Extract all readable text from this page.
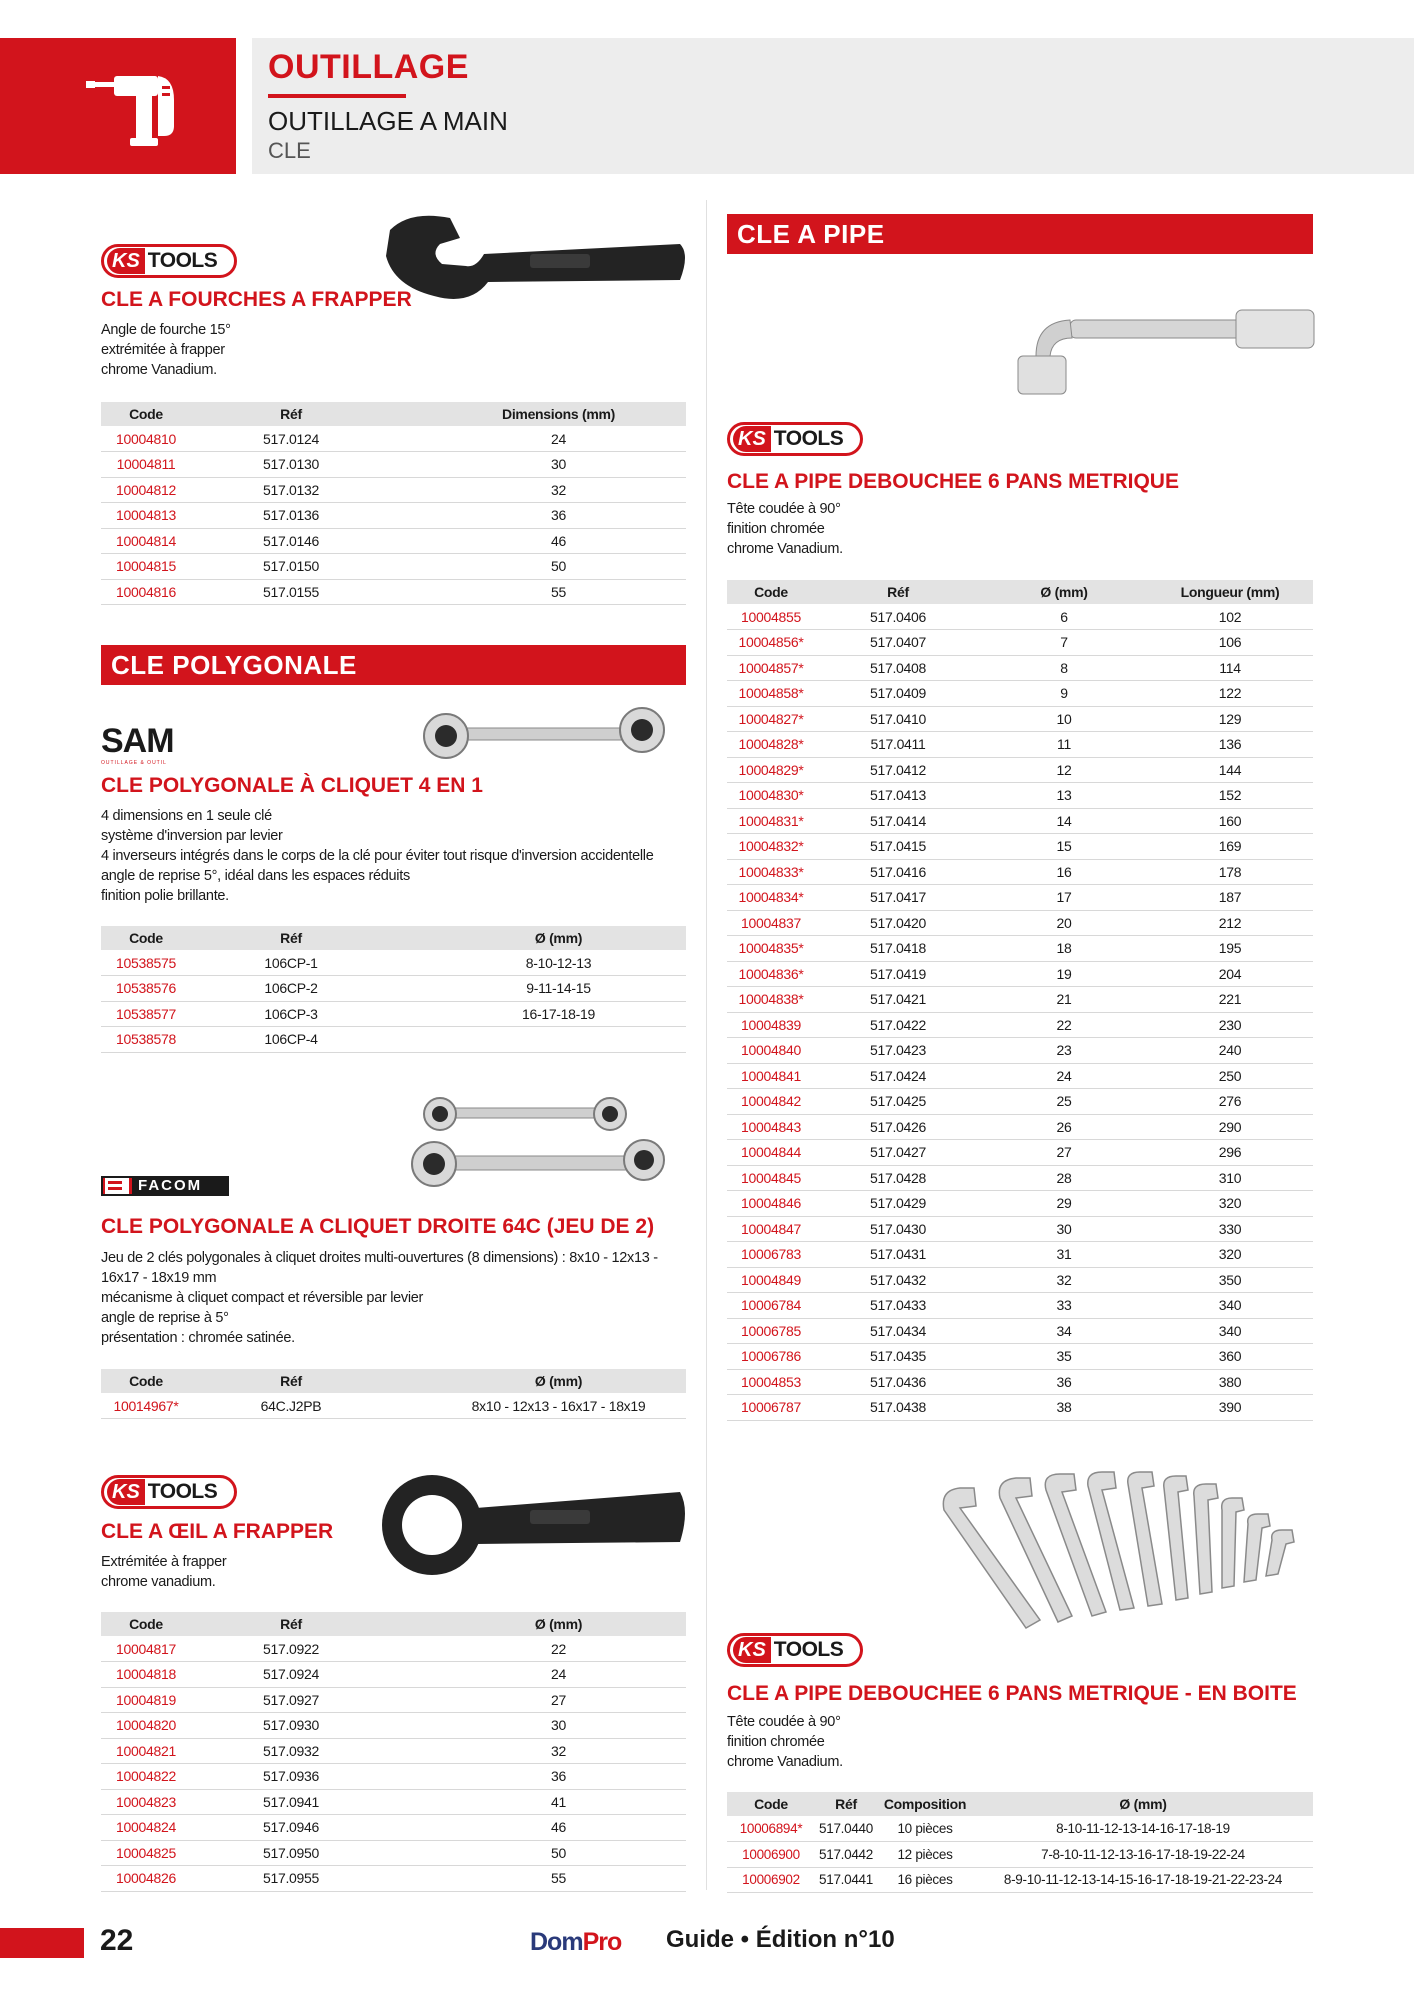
OUTILLAGE
OUTILLAGE A MAIN
CLE
KS TOOLS
CLE A FOURCHES A FRAPPER
Angle de fourche 15°
extrémitée à frapper
chrome Vanadium.
Code	Réf	Dimensions (mm)
10004810	517.0124	24
10004811	517.0130	30
10004812	517.0132	32
10004813	517.0136	36
10004814	517.0146	46
10004815	517.0150	50
10004816	517.0155	55
CLE POLYGONALE
SAM
OUTILLAGE & OUTIL
CLE POLYGONALE À CLIQUET 4 EN 1
4 dimensions en 1 seule clé
système d'inversion par levier
4 inverseurs intégrés dans le corps de la clé pour éviter tout risque d'inversion accidentelle
angle de reprise 5°, idéal dans les espaces réduits
finition polie brillante.
Code	Réf	Ø (mm)
10538575	106CP-1	8-10-12-13
10538576	106CP-2	9-11-14-15
10538577	106CP-3	16-17-18-19
10538578	106CP-4	
FACOM
CLE POLYGONALE A CLIQUET DROITE 64C (JEU DE 2)
Jeu de 2 clés polygonales à cliquet droites multi-ouvertures (8 dimensions) : 8x10 - 12x13 -
16x17 - 18x19 mm
mécanisme à cliquet compact et réversible par levier
angle de reprise à 5°
présentation : chromée satinée.
Code	Réf	Ø (mm)
10014967*	64C.J2PB	8x10 - 12x13 - 16x17 - 18x19
KS TOOLS
CLE A ŒIL A FRAPPER
Extrémitée à frapper
chrome vanadium.
Code	Réf	Ø (mm)
10004817	517.0922	22
10004818	517.0924	24
10004819	517.0927	27
10004820	517.0930	30
10004821	517.0932	32
10004822	517.0936	36
10004823	517.0941	41
10004824	517.0946	46
10004825	517.0950	50
10004826	517.0955	55
CLE A PIPE
KS TOOLS
CLE A PIPE DEBOUCHEE 6 PANS METRIQUE
Tête coudée à 90°
finition chromée
chrome Vanadium.
Code	Réf	Ø (mm)	Longueur (mm)
10004855	517.0406	6	102
10004856*	517.0407	7	106
10004857*	517.0408	8	114
10004858*	517.0409	9	122
10004827*	517.0410	10	129
10004828*	517.0411	11	136
10004829*	517.0412	12	144
10004830*	517.0413	13	152
10004831*	517.0414	14	160
10004832*	517.0415	15	169
10004833*	517.0416	16	178
10004834*	517.0417	17	187
10004837	517.0420	20	212
10004835*	517.0418	18	195
10004836*	517.0419	19	204
10004838*	517.0421	21	221
10004839	517.0422	22	230
10004840	517.0423	23	240
10004841	517.0424	24	250
10004842	517.0425	25	276
10004843	517.0426	26	290
10004844	517.0427	27	296
10004845	517.0428	28	310
10004846	517.0429	29	320
10004847	517.0430	30	330
10006783	517.0431	31	320
10004849	517.0432	32	350
10006784	517.0433	33	340
10006785	517.0434	34	340
10006786	517.0435	35	360
10004853	517.0436	36	380
10006787	517.0438	38	390
KS TOOLS
CLE A PIPE DEBOUCHEE 6 PANS METRIQUE - EN BOITE
Tête coudée à 90°
finition chromée
chrome Vanadium.
Code	Réf	Composition	Ø (mm)
10006894*	517.0440	10 pièces	8-10-11-12-13-14-16-17-18-19
10006900	517.0442	12 pièces	7-8-10-11-12-13-16-17-18-19-22-24
10006902	517.0441	16 pièces	8-9-10-11-12-13-14-15-16-17-18-19-21-22-23-24
22	DomPro Guide • Édition n°10
